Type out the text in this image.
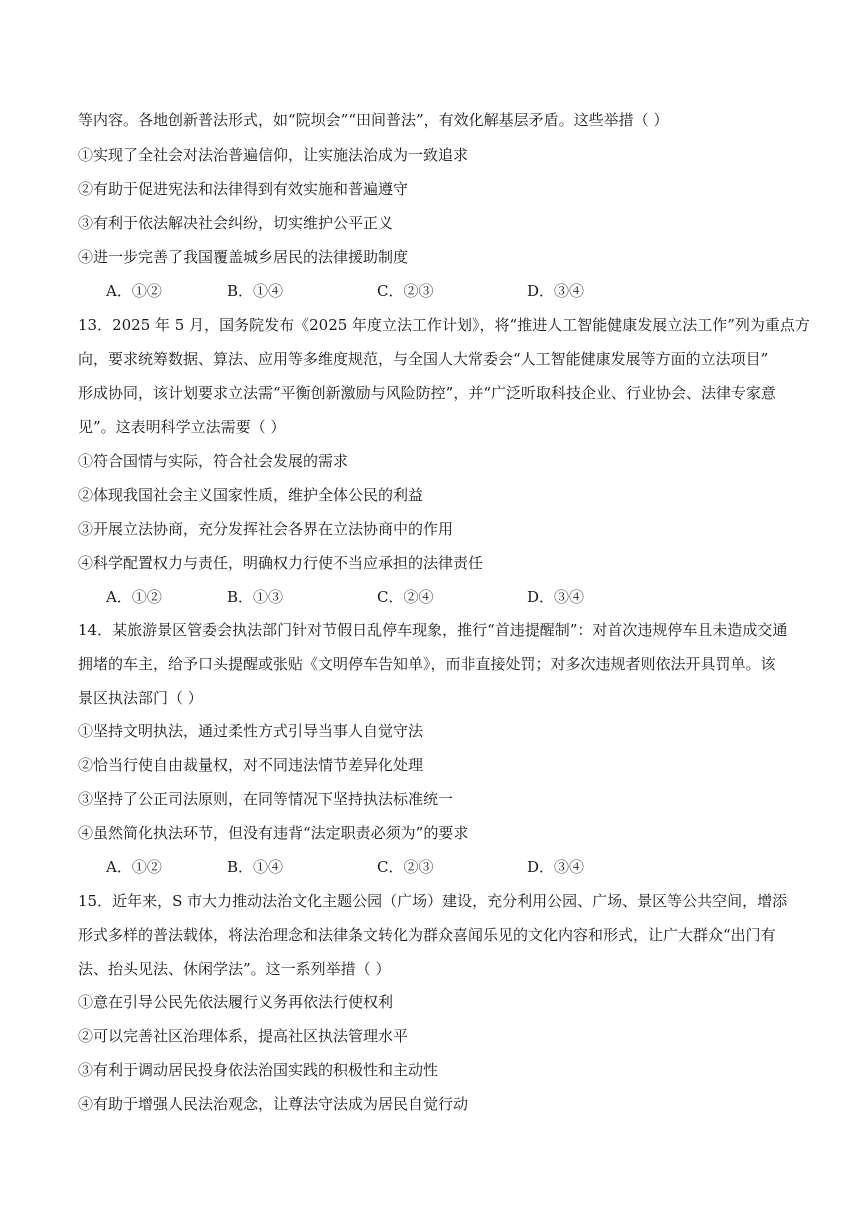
等内容。各地创新普法形式，如“院坝会”“田间普法”，有效化解基层矛盾。这些举措（ ）
①实现了全社会对法治普遍信仰，让实施法治成为一致追求
②有助于促进宪法和法律得到有效实施和普遍遵守
③有利于依法解决社会纠纷，切实维护公平正义
④进一步完善了我国覆盖城乡居民的法律援助制度
A．①②	B．①④	C．②③	D．③④
13．2025 年 5 月，国务院发布《2025 年度立法工作计划》，将“推进人工智能健康发展立法工作”列为重点方
向，要求统筹数据、算法、应用等多维度规范，与全国人大常委会“人工智能健康发展等方面的立法项目”
形成协同，该计划要求立法需“平衡创新激励与风险防控”，并“广泛听取科技企业、行业协会、法律专家意
见”。这表明科学立法需要（ ）
①符合国情与实际，符合社会发展的需求
②体现我国社会主义国家性质，维护全体公民的利益
③开展立法协商，充分发挥社会各界在立法协商中的作用
④科学配置权力与责任，明确权力行使不当应承担的法律责任
A．①②	B．①③	C．②④	D．③④
14．某旅游景区管委会执法部门针对节假日乱停车现象，推行“首违提醒制”：对首次违规停车且未造成交通
拥堵的车主，给予口头提醒或张贴《文明停车告知单》，而非直接处罚；对多次违规者则依法开具罚单。该
景区执法部门（ ）
①坚持文明执法，通过柔性方式引导当事人自觉守法
②恰当行使自由裁量权，对不同违法情节差异化处理
③坚持了公正司法原则，在同等情况下坚持执法标准统一
④虽然简化执法环节，但没有违背“法定职责必须为”的要求
A．①②	B．①④	C．②③	D．③④
15．近年来，S 市大力推动法治文化主题公园（广场）建设，充分利用公园、广场、景区等公共空间，增添
形式多样的普法载体，将法治理念和法律条文转化为群众喜闻乐见的文化内容和形式，让广大群众“出门有
法、抬头见法、休闲学法”。这一系列举措（ ）
①意在引导公民先依法履行义务再依法行使权利
②可以完善社区治理体系，提高社区执法管理水平
③有利于调动居民投身依法治国实践的积极性和主动性
④有助于增强人民法治观念，让尊法守法成为居民自觉行动
